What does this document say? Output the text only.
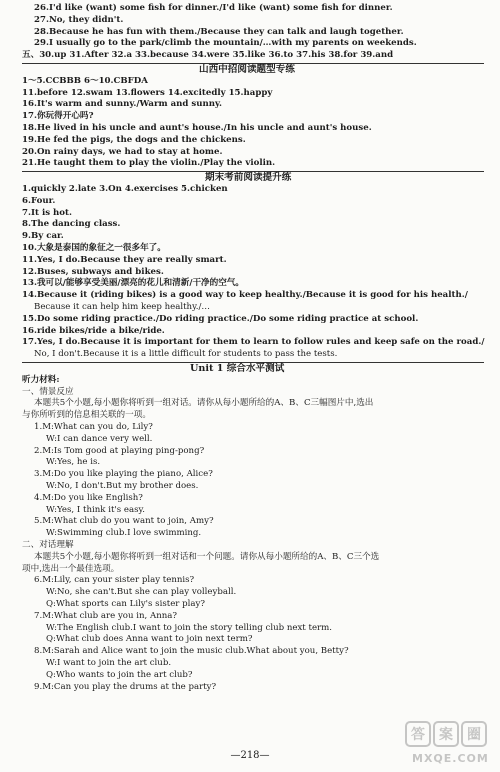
26.I'd like (want) some fish for dinner./I'd like (want) some fish for dinner.
27.No, they didn't.
28.Because he has fun with them./Because they can talk and laugh together.
29.I usually go to the park/climb the mountain/…with my parents on weekends.
五、30.up 31.After 32.a 33.because 34.were 35.like 36.to 37.his 38.for 39.and
山西中招阅读题型专练
1～5.CCBBB 6～10.CBFDA
11.before 12.swam 13.flowers 14.excitedly 15.happy
16.It's warm and sunny./Warm and sunny.
17.你玩得开心吗?
18.He lived in his uncle and aunt's house./In his uncle and aunt's house.
19.He fed the pigs, the dogs and the chickens.
20.On rainy days, we had to stay at home.
21.He taught them to play the violin./Play the violin.
期末考前阅读提升练
1.quickly 2.late 3.On 4.exercises 5.chicken
6.Four.
7.It is hot.
8.The dancing class.
9.By car.
10.大象是泰国的象征之一很多年了。
11.Yes, I do.Because they are really smart.
12.Buses, subways and bikes.
13.我可以/能够享受美丽/漂亮的花儿和清新/干净的空气。
14.Because it (riding bikes) is a good way to keep healthy./Because it is good for his health./
Because it can help him keep healthy./…
15.Do some riding practice./Do riding practice./Do some riding practice at school.
16.ride bikes/ride a bike/ride.
17.Yes, I do.Because it is important for them to learn to follow rules and keep safe on the road./
No, I don't.Because it is a little difficult for students to pass the tests.
Unit 1 综合水平测试
听力材料:
一、情景反应
本题共5个小题,每小题你将听到一组对话。请你从每小题所给的A、B、C三幅图片中,选出
与你所听到的信息相关联的一项。
1.M:What can you do, Lily?
W:I can dance very well.
2.M:Is Tom good at playing ping-pong?
W:Yes, he is.
3.M:Do you like playing the piano, Alice?
W:No, I don't.But my brother does.
4.M:Do you like English?
W:Yes, I think it's easy.
5.M:What club do you want to join, Amy?
W:Swimming club.I love swimming.
二、对话理解
本题共5个小题,每小题你将听到一组对话和一个问题。请你从每小题所给的A、B、C三个选
项中,选出一个最佳选项。
6.M:Lily, can your sister play tennis?
W:No, she can't.But she can play volleyball.
Q:What sports can Lily's sister play?
7.M:What club are you in, Anna?
W:The English club.I want to join the story telling club next term.
Q:What club does Anna want to join next term?
8.M:Sarah and Alice want to join the music club.What about you, Betty?
W:I want to join the art club.
Q:Who wants to join the art club?
9.M:Can you play the drums at the party?
—218—
答 案 圈
MXQE.COM
